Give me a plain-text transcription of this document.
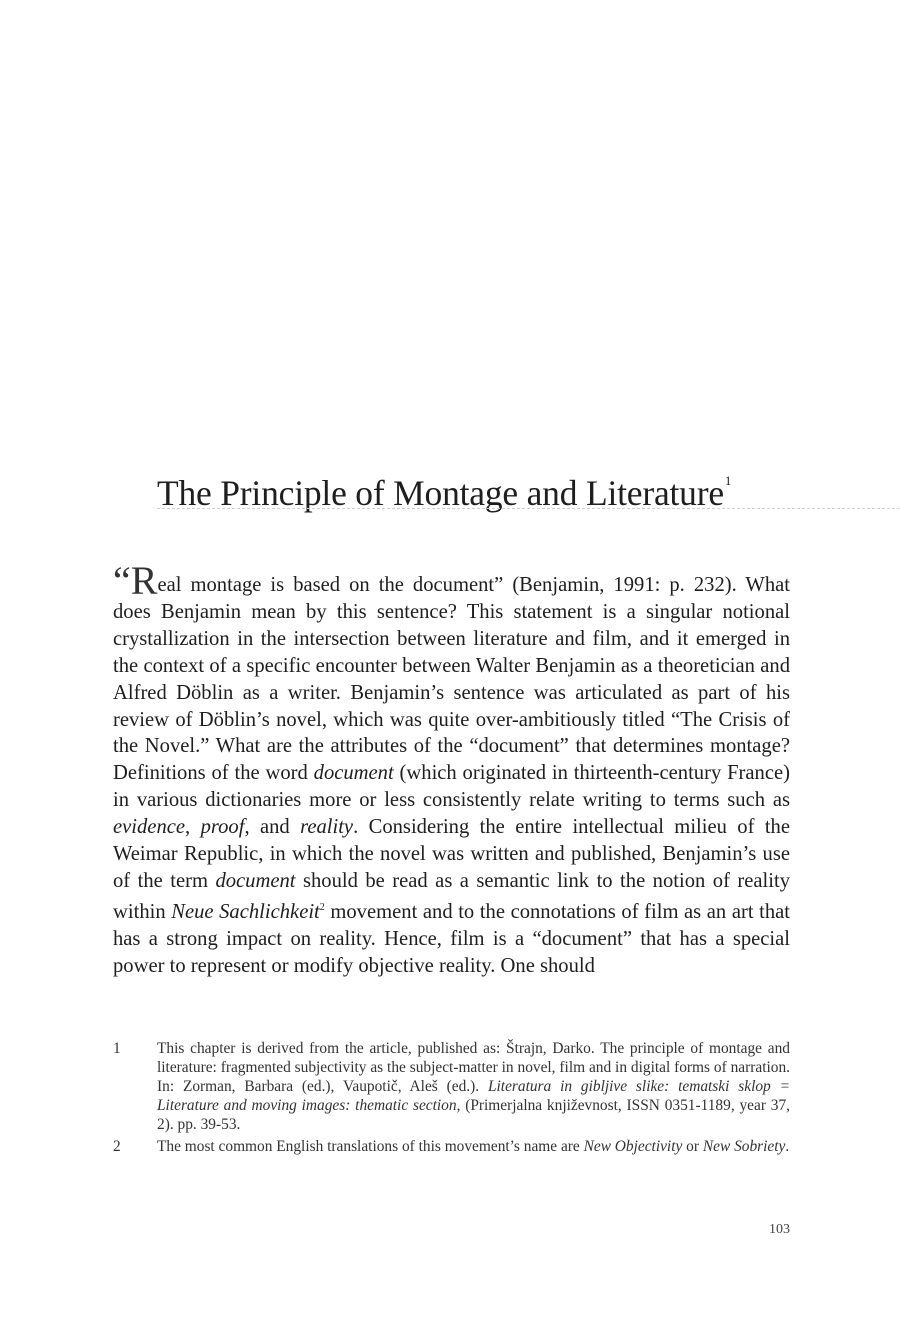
The Principle of Montage and Literature$^1$

“Real montage is based on the document” (Benjamin, 1991: p. 232). What does Benjamin mean by this sentence? This statement is a singular notional crystallization in the intersection between literature and film, and it emerged in the context of a specific encounter between Walter Benjamin as a theoretician and Alfred Döblin as a writer. Benjamin’s sentence was articulated as part of his review of Döblin’s novel, which was quite over-ambitiously titled “The Crisis of the Novel.” What are the attributes of the “document” that determines montage? Definitions of the word document (which originated in thirteenth-century France) in various dictionaries more or less consistently relate writing to terms such as evidence, proof, and reality. Considering the entire intellectual milieu of the Weimar Republic, in which the novel was written and published, Benjamin’s use of the term document should be read as a semantic link to the notion of reality within Neue Sachlichkeit$^2$ movement and to the connotations of film as an art that has a strong impact on reality. Hence, film is a “document” that has a special power to represent or modify objective reality. One should

1 This chapter is derived from the article, published as: Štrajn, Darko. The principle of montage and literature: fragmented subjectivity as the subject-matter in novel, film and in digital forms of narration. In: Zorman, Barbara (ed.), Vaupotič, Aleš (ed.). Literatura in gibljive slike: tematski sklop = Literature and moving images: thematic section, (Primerjalna književnost, ISSN 0351-1189, year 37, 2). pp. 39-53.

2 The most common English translations of this movement’s name are New Objectivity or New Sobriety.

103
